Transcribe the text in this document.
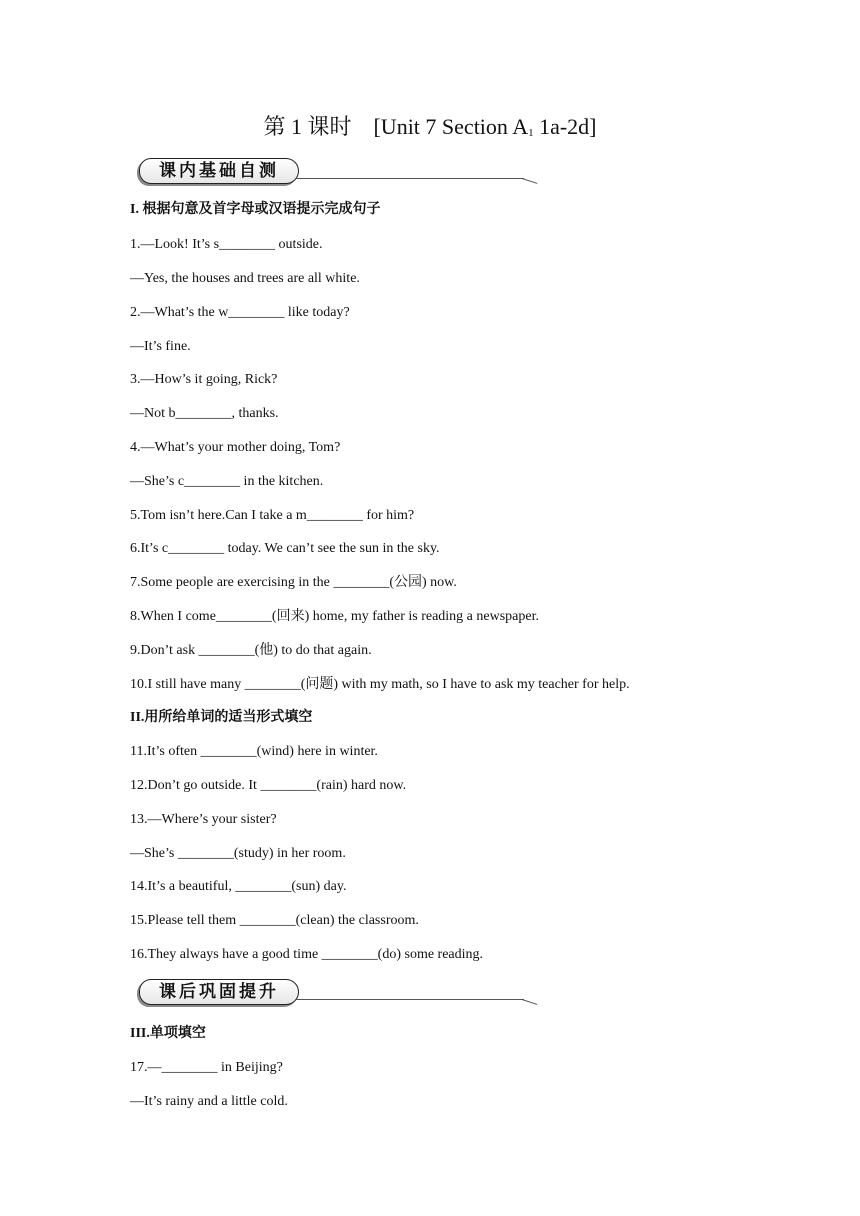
第 1 课时　[Unit 7 Section $A_1$ 1a-2d]
课内基础自测
I. 根据句意及首字母或汉语提示完成句子
1.—Look! It’s s________ outside.
—Yes, the houses and trees are all white.
2.—What’s the w________ like today?
—It’s fine.
3.—How’s it going, Rick?
—Not b________, thanks.
4.—What’s your mother doing, Tom?
—She’s c________ in the kitchen.
5.Tom isn’t here.Can I take a m________ for him?
6.It’s c________ today. We can’t see the sun in the sky.
7.Some people are exercising in the ________(公园) now.
8.When I come________(回来) home, my father is reading a newspaper.
9.Don’t ask ________(他) to do that again.
10.I still have many ________(问题) with my math, so I have to ask my teacher for help.
II.用所给单词的适当形式填空
11.It’s often ________(wind) here in winter.
12.Don’t go outside. It ________(rain) hard now.
13.—Where’s your sister?
—She’s ________(study) in her room.
14.It’s a beautiful, ________(sun) day.
15.Please tell them ________(clean) the classroom.
16.They always have a good time ________(do) some reading.
课后巩固提升
III.单项填空
17.—________ in Beijing?
—It’s rainy and a little cold.
